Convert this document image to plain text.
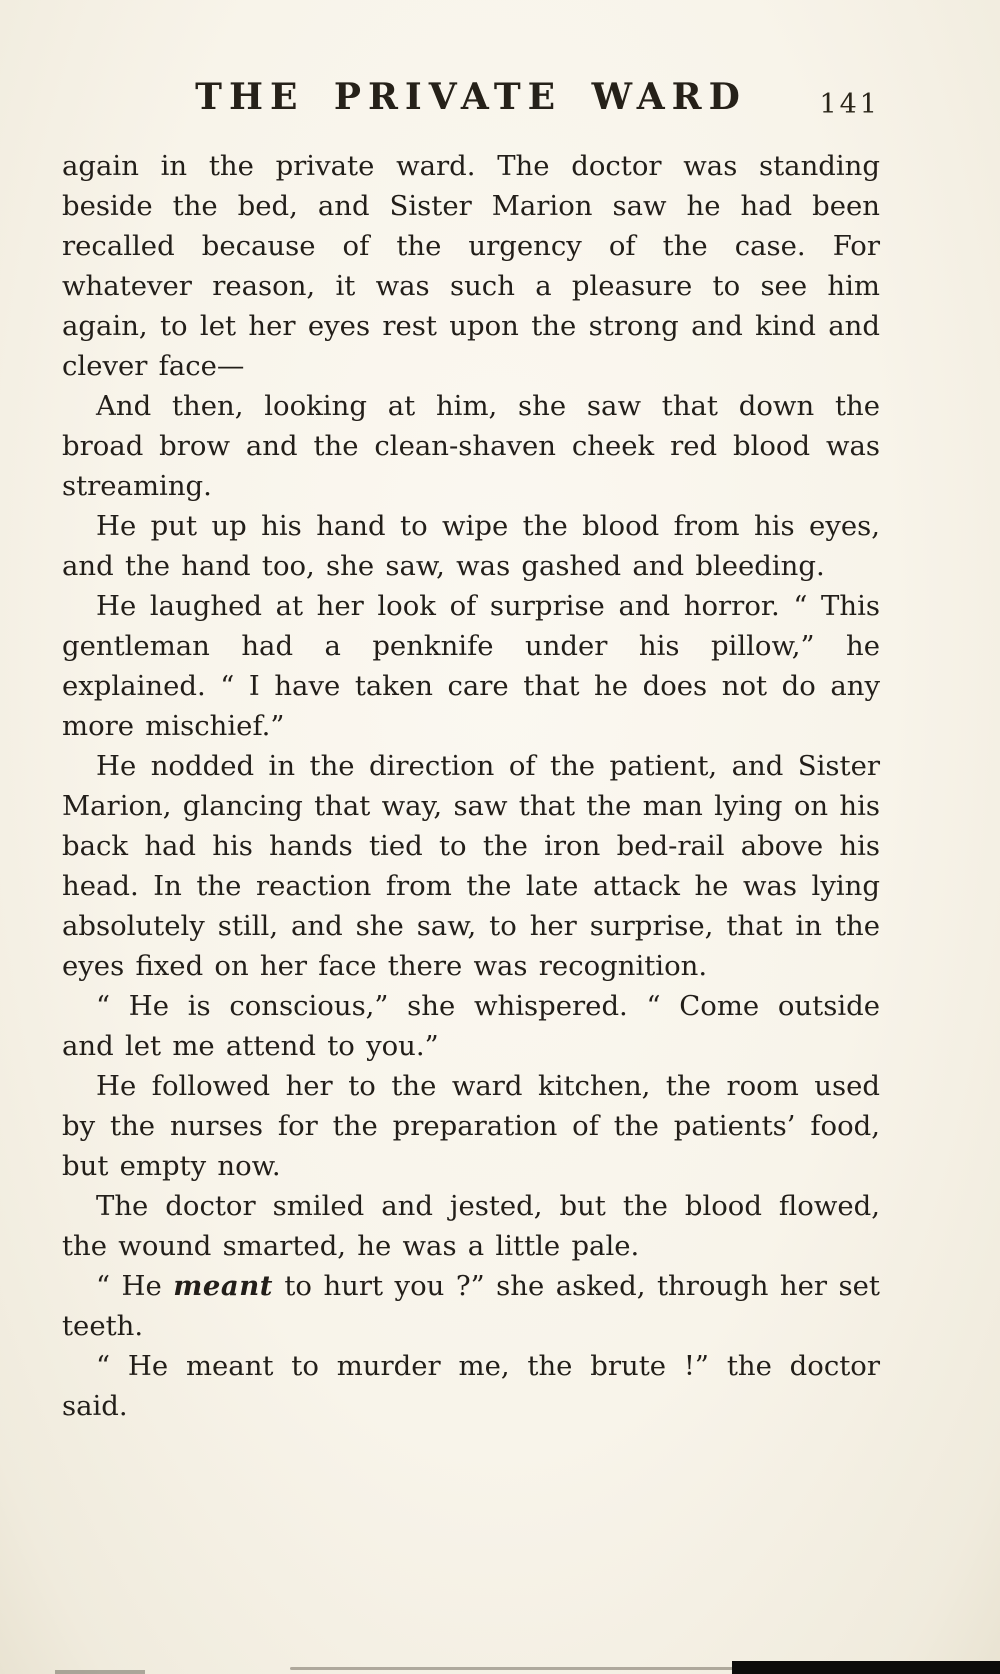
THE PRIVATE WARD	141

again in the private ward. The doctor was standing beside the bed, and Sister Marion saw he had been recalled because of the urgency of the case. For whatever reason, it was such a pleasure to see him again, to let her eyes rest upon the strong and kind and clever face—

And then, looking at him, she saw that down the broad brow and the clean-shaven cheek red blood was streaming.

He put up his hand to wipe the blood from his eyes, and the hand too, she saw, was gashed and bleeding.

He laughed at her look of surprise and horror. “ This gentleman had a penknife under his pillow,” he explained. “ I have taken care that he does not do any more mischief.”

He nodded in the direction of the patient, and Sister Marion, glancing that way, saw that the man lying on his back had his hands tied to the iron bed-rail above his head. In the reaction from the late attack he was lying absolutely still, and she saw, to her surprise, that in the eyes fixed on her face there was recognition.

“ He is conscious,” she whispered. “ Come outside and let me attend to you.”

He followed her to the ward kitchen, the room used by the nurses for the preparation of the patients’ food, but empty now.

The doctor smiled and jested, but the blood flowed, the wound smarted, he was a little pale.

“ He meant to hurt you ?” she asked, through her set teeth.

“ He meant to murder me, the brute !” the doctor said.
